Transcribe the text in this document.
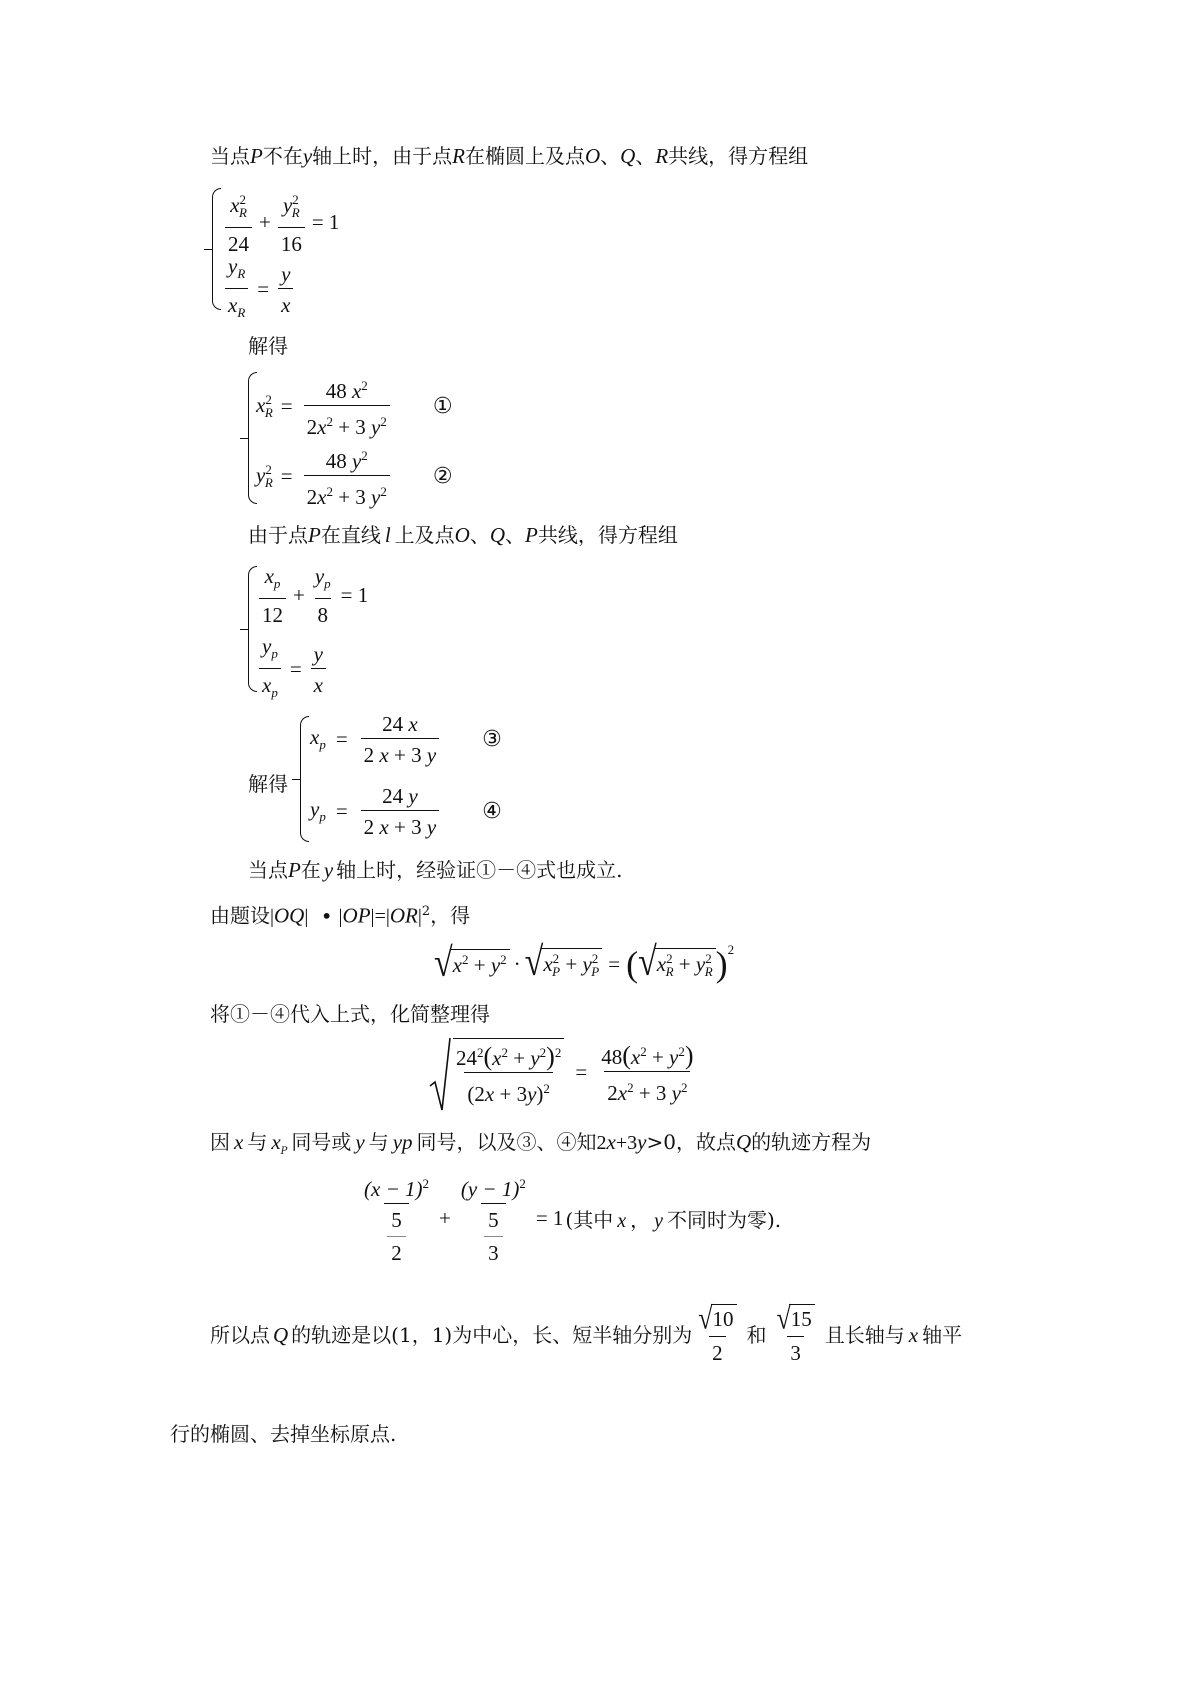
当点P不在y轴上时，由于点R在椭圆上及点O、Q、R共线，得方程组
$\frac{x^2_R}{24} + \frac{y^2_R}{16} = 1$
$\frac{y_R}{x_R} = \frac{y}{x}$
解得
$x^2_R = \frac{48 x^2}{2x^2 + 3 y^2}$ ①
$y^2_R = \frac{48 y^2}{2x^2 + 3 y^2}$ ②
由于点P在直线 l 上及点O、Q、P共线，得方程组
$\frac{x_p}{12} + \frac{y_p}{8} = 1$
$\frac{y_p}{x_p} = \frac{y}{x}$
解得
$x_p = \frac{24 x}{2 x + 3 y}$ ③
$y_p = \frac{24 y}{2 x + 3 y}$ ④
当点P在 y 轴上时，经验证①－④式也成立.
由题设|OQ| • $|OP|=|OR|^2$，得
√ $x^2 + y^2$ · √ $x^2_P + y^2_P$ = ( √ $x^2_R + y^2_R$ )$^2$
将①－④代入上式，化简整理得
$\frac{24^2(x^2 + y^2)^2}{(2x + 3y)^2} = \frac{48(x^2 + y^2)}{2x^2 + 3 y^2}$
因 x 与 $x_P$ 同号或 y 与 yp 同号，以及③、④知2x+3y>0，故点Q的轨迹方程为
$(x - 1)^2$
5
$2 + (y - 1)^2$
5
3 = 1 (其中 x ， y 不同时为零).
所以点 Q 的轨迹是以(1，1)为中心，长、短半轴分别为 $\frac{√ 10}{2}$ 和 $\frac{√ 15}{3}$ 且长轴与 x 轴平
行的椭圆、去掉坐标原点.
